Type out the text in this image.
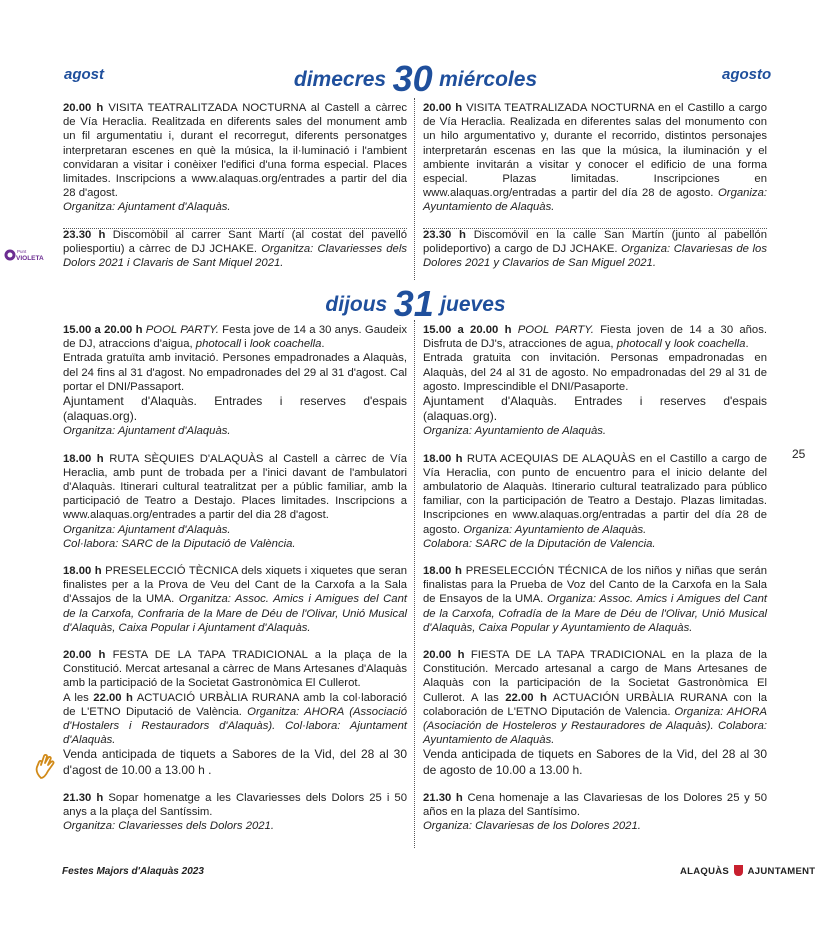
agost	agosto
dimecres 30 miércoles
Punt
VIOLETA

20.00 h VISITA TEATRALITZADA NOCTURNA al Castell a càrrec de Vía Heraclia. Realitzada en diferents sales del monument amb un fil argumentatiu i, durant el recorregut, diferents personatges interpretaran escenes en què la música, la il·luminació i l'ambient convidaran a visitar i conèixer l'edifici d'una forma especial. Places limitades. Inscripcions a www.alaquas.org/entrades a partir del dia 28 d'agost.
Organitza: Ajuntament d'Alaquàs.

23.30 h Discomòbil al carrer Sant Martí (al costat del pavelló poliesportiu) a càrrec de DJ JCHAKE. Organitza: Clavariesses dels Dolors 2021 i Clavaris de Sant Miquel 2021.

20.00 h VISITA TEATRALIZADA NOCTURNA en el Castillo a cargo de Vía Heraclia. Realizada en diferentes salas del monumento con un hilo argumentativo y, durante el recorrido, distintos personajes interpretarán escenas en las que la música, la iluminación y el ambiente invitarán a visitar y conocer el edificio de una forma especial. Plazas limitadas. Inscripciones en www.alaquas.org/entradas a partir del día 28 de agosto. Organiza: Ayuntamiento de Alaquàs.

23.30 h Discomóvil en la calle San Martín (junto al pabellón polideportivo) a cargo de DJ JCHAKE. Organiza: Clavariesas de los Dolores 2021 y Clavarios de San Miguel 2021.

dijous 31 jueves

15.00 a 20.00 h POOL PARTY. Festa jove de 14 a 30 anys. Gaudeix de DJ, atraccions d'aigua, photocall i look coachella.
Entrada gratuïta amb invitació. Persones empadronades a Alaquàs, del 24 fins al 31 d'agost. No empadronades del 29 al 31 d'agost. Cal portar el DNI/Passaport.
Ajuntament d'Alaquàs. Entrades i reserves d'espais (alaquas.org).
Organitza: Ajuntament d'Alaquàs.

18.00 h RUTA SÈQUIES D'ALAQUÀS al Castell a càrrec de Vía Heraclia, amb punt de trobada per a l'inici davant de l'ambulatori d'Alaquàs. Itinerari cultural teatralitzat per a públic familiar, amb la participació de Teatro a Destajo. Places limitades. Inscripcions a www.alaquas.org/entrades a partir del dia 28 d'agost.
Organitza: Ajuntament d'Alaquàs.
Col·labora: SARC de la Diputació de València.

18.00 h PRESELECCIÓ TÈCNICA dels xiquets i xiquetes que seran finalistes per a la Prova de Veu del Cant de la Carxofa a la Sala d'Assajos de la UMA. Organitza: Assoc. Amics i Amigues del Cant de la Carxofa, Confraria de la Mare de Déu de l'Olivar, Unió Musical d'Alaquàs, Caixa Popular i Ajuntament d'Alaquàs.

20.00 h FESTA DE LA TAPA TRADICIONAL a la plaça de la Constitució. Mercat artesanal a càrrec de Mans Artesanes d'Alaquàs amb la participació de la Societat Gastronòmica El Cullerot.
A les 22.00 h ACTUACIÓ URBÀLIA RURANA amb la col·laboració de L'ETNO Diputació de València. Organitza: AHORA (Associació d'Hostalers i Restauradors d'Alaquàs). Col·labora: Ajuntament d'Alaquàs.
Venda anticipada de tiquets a Sabores de la Vid, del 28 al 30 d'agost de 10.00 a 13.00 h .

21.30 h Sopar homenatge a les Clavariesses dels Dolors 25 i 50 anys a la plaça del Santíssim.
Organitza: Clavariesses dels Dolors 2021.

15.00 a 20.00 h POOL PARTY. Fiesta joven de 14 a 30 años. Disfruta de DJ's, atracciones de agua, photocall y look coachella.
Entrada gratuita con invitación. Personas empadronadas en Alaquàs, del 24 al 31 de agosto. No empadronadas del 29 al 31 de agosto. Imprescindible el DNI/Pasaporte.
Ajuntament d'Alaquàs. Entrades i reserves d'espais (alaquas.org).
Organiza: Ayuntamiento de Alaquàs.

18.00 h RUTA ACEQUIAS DE ALAQUÀS en el Castillo a cargo de Vía Heraclia, con punto de encuentro para el inicio delante del ambulatorio de Alaquàs. Itinerario cultural teatralizado para público familiar, con la participación de Teatro a Destajo. Plazas limitadas. Inscripciones en www.alaquas.org/entradas a partir del día 28 de agosto. Organiza: Ayuntamiento de Alaquàs.
Colabora: SARC de la Diputación de Valencia.

18.00 h PRESELECCIÓN TÉCNICA de los niños y niñas que serán finalistas para la Prueba de Voz del Canto de la Carxofa en la Sala de Ensayos de la UMA. Organiza: Assoc. Amics i Amigues del Cant de la Carxofa, Cofradía de la Mare de Déu de l'Olivar, Unió Musical d'Alaquàs, Caixa Popular y Ayuntamiento de Alaquàs.

20.00 h FIESTA DE LA TAPA TRADICIONAL en la plaza de la Constitución. Mercado artesanal a cargo de Mans Artesanes de Alaquàs con la participación de la Societat Gastronòmica El Cullerot. A las 22.00 h ACTUACIÓN URBÀLIA RURANA con la colaboración de L'ETNO Diputación de Valencia. Organiza: AHORA (Asociación de Hosteleros y Restauradores de Alaquàs). Colabora: Ayuntamiento de Alaquàs.
Venda anticipada de tiquets en Sabores de la Vid, del 28 al 30 de agosto de 10.00 a 13.00 h.

21.30 h Cena homenaje a las Clavariesas de los Dolores 25 y 50 años en la plaza del Santísimo.
Organiza: Clavariesas de los Dolores 2021.

25
Festes Majors d'Alaquàs 2023	ALAQUÀS AJUNTAMENT
